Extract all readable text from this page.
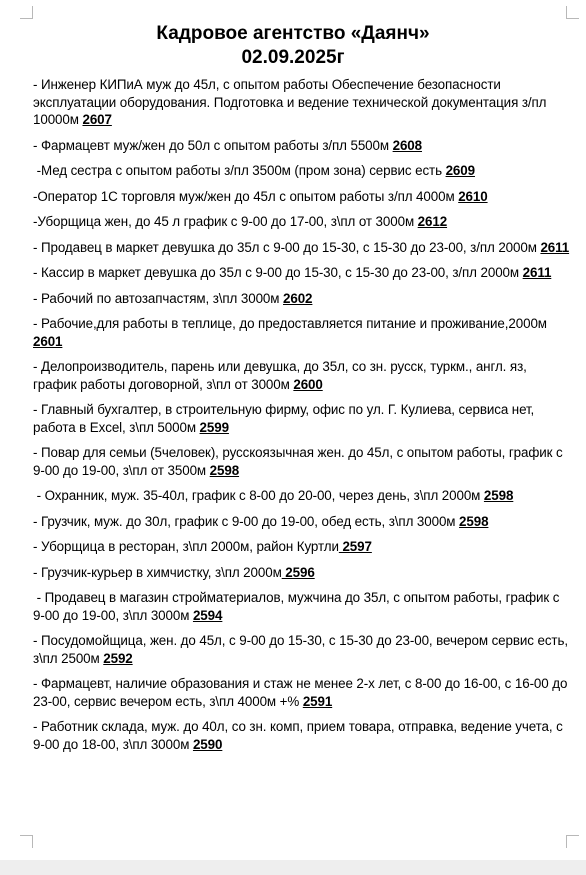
Кадровое агентство «Даянч»

02.09.2025г

- Инженер КИПиА муж до 45л, с опытом работы Обеспечение безопасности эксплуатации оборудования. Подготовка и ведение технической документация з/пл 10000м 2607
- Фармацевт муж/жен до 50л с опытом работы з/пл 5500м 2608
-Мед сестра с опытом работы з/пл 3500м (пром зона) сервис есть 2609
-Оператор 1С торговля муж/жен до 45л с опытом работы з/пл 4000м 2610
-Уборщица жен, до 45 л график с 9-00 до 17-00, з\пл от 3000м 2612
- Продавец в маркет девушка до 35л с 9-00 до 15-30, с 15-30 до 23-00, з/пл 2000м 2611
- Кассир в маркет девушка до 35л с 9-00 до 15-30, с 15-30 до 23-00, з/пл 2000м 2611
- Рабочий по автозапчастям, з\пл 3000м 2602
- Рабочие,для работы в теплице, до предоставляется питание и проживание,2000м 2601
- Делопроизводитель, парень или девушка, до 35л, со зн. русск, туркм., англ. яз, график работы договорной, з\пл от 3000м 2600
- Главный бухгалтер, в строительную фирму, офис по ул. Г. Кулиева, сервиса нет, работа в Excel, з\пл 5000м 2599
- Повар для семьи (5человек), русскоязычная жен. до 45л, с опытом работы, график с 9-00 до 19-00, з\пл от 3500м 2598
- Охранник, муж. 35-40л, график с 8-00 до 20-00, через день, з\пл 2000м 2598
- Грузчик, муж. до 30л, график с 9-00 до 19-00, обед есть, з\пл 3000м 2598
- Уборщица в ресторан, з\пл 2000м, район Куртли 2597
- Грузчик-курьер в химчистку, з\пл 2000м 2596
- Продавец в магазин стройматериалов, мужчина до 35л, с опытом работы, график с 9-00 до 19-00, з\пл 3000м 2594
- Посудомойщица, жен. до 45л, с 9-00 до 15-30, с 15-30 до 23-00, вечером сервис есть, з\пл 2500м 2592
- Фармацевт, наличие образования и стаж не менее 2-х лет, с 8-00 до 16-00, с 16-00 до 23-00, сервис вечером есть, з\пл 4000м +% 2591
- Работник склада, муж. до 40л, со зн. комп, прием товара, отправка, ведение учета, с 9-00 до 18-00, з\пл 3000м 2590
